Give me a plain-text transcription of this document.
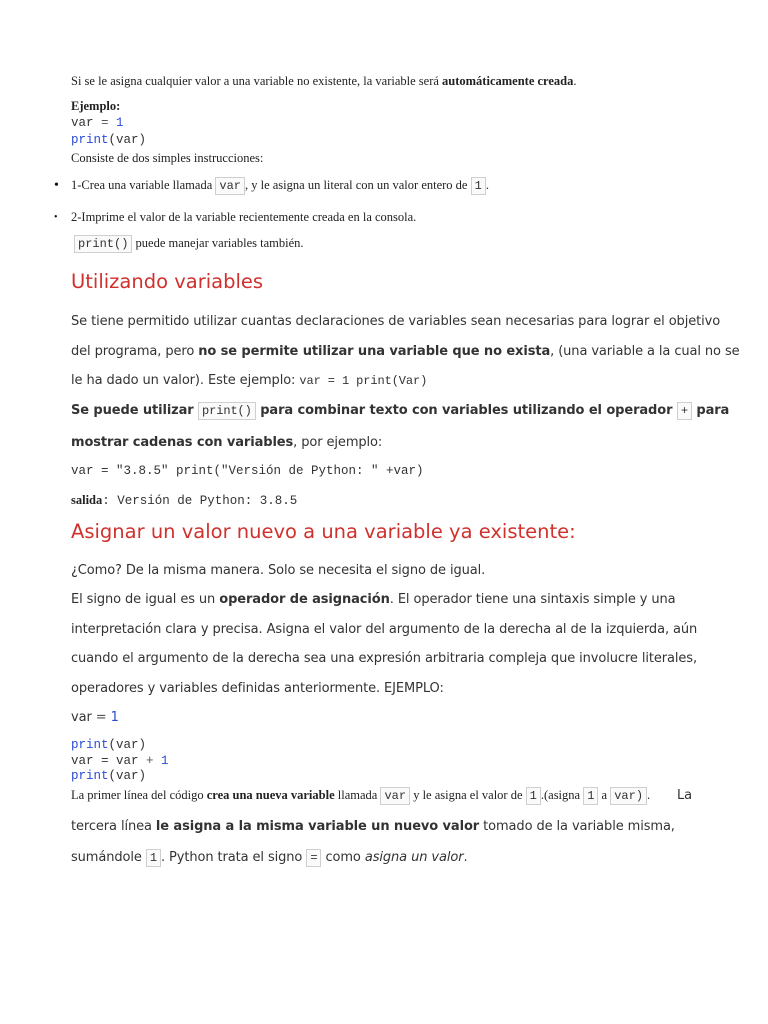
Si se le asigna cualquier valor a una variable no existente, la variable será automáticamente creada.
Ejemplo:
var = 1
print(var)
Consiste de dos simples instrucciones:
• 1-Crea una variable llamada var , y le asigna un literal con un valor entero de 1 .
• 2-Imprime el valor de la variable recientemente creada en la consola.
print() puede manejar variables también.
Utilizando variables
Se tiene permitido utilizar cuantas declaraciones de variables sean necesarias para lograr el objetivo
del programa, pero no se permite utilizar una variable que no exista, (una variable a la cual no se
le ha dado un valor). Este ejemplo: var = 1 print(Var)
Se puede utilizar print() para combinar texto con variables utilizando el operador + para
mostrar cadenas con variables, por ejemplo:
var = "3.8.5" print("Versión de Python: " +var)
salida: Versión de Python: 3.8.5
Asignar un valor nuevo a una variable ya existente:
¿Como? De la misma manera. Solo se necesita el signo de igual.
El signo de igual es un operador de asignación. El operador tiene una sintaxis simple y una
interpretación clara y precisa. Asigna el valor del argumento de la derecha al de la izquierda, aún
cuando el argumento de la derecha sea una expresión arbitraria compleja que involucre literales,
operadores y variables definidas anteriormente. EJEMPLO:
var = 1
print(var)
var = var + 1
print(var)
La primer línea del código crea una nueva variable llamada var y le asigna el valor de 1 .(asigna 1 a var) . La
tercera línea le asigna a la misma variable un nuevo valor tomado de la variable misma,
sumándole 1 . Python trata el signo = como asigna un valor.
